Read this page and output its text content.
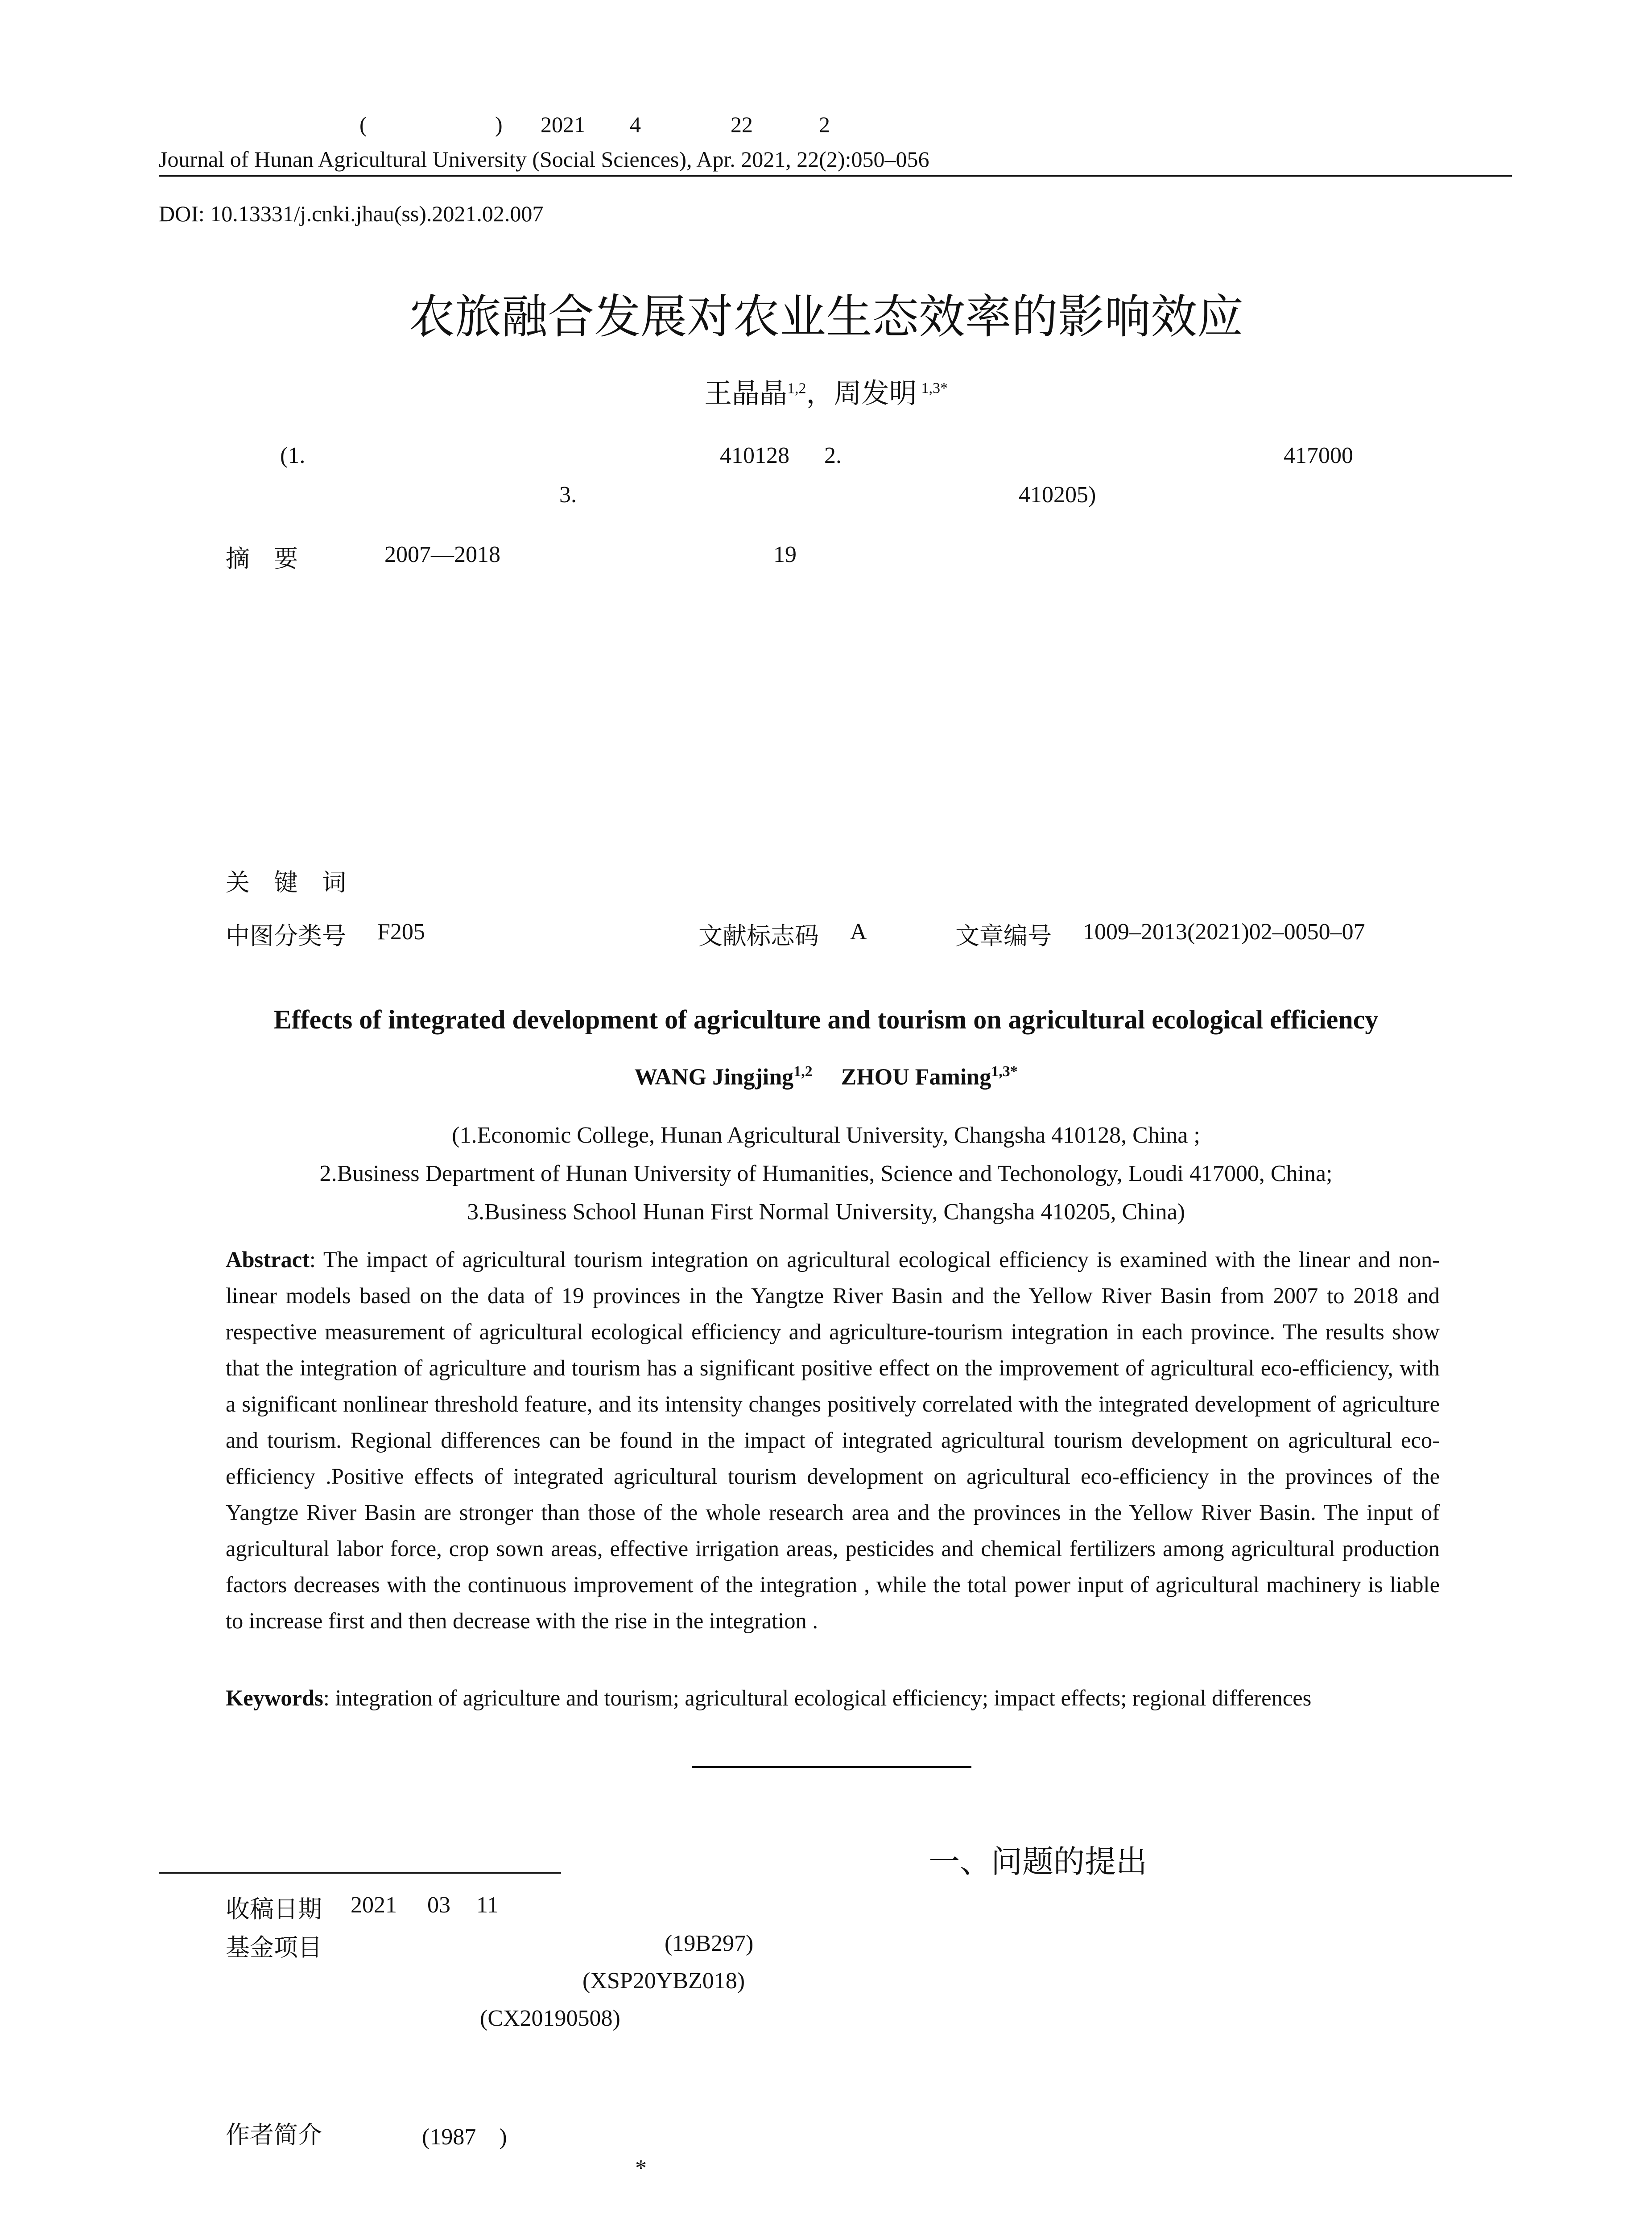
(	) 2021 4	22	2
Journal of Hunan Agricultural University (Social Sciences), Apr. 2021, 22(2):050–056
DOI: 10.13331/j.cnki.jhau(ss).2021.02.007
农旅融合发展对农业生态效率的影响效应
王晶晶$^{1,2}$，周发明 $^{1,3*}$
(1.	410128 2.	417000
3.	410205)
摘　要	2007—2018	19
关　键　词
中图分类号 F205	文献标志码 A	文章编号 1009–2013(2021)02–0050–07
Effects of integrated development of agriculture and tourism on agricultural ecological efficiency
WANG Jingjing$^{1,2}$ ZHOU Faming$^{1,3*}$
(1.Economic College, Hunan Agricultural University, Changsha 410128, China ;
2.Business Department of Hunan University of Humanities, Science and Techonology, Loudi 417000, China;
3.Business School Hunan First Normal University, Changsha 410205, China)
Abstract: The impact of agricultural tourism integration on agricultural ecological efficiency is examined with the linear and non-linear models based on the data of 19 provinces in the Yangtze River Basin and the Yellow River Basin from 2007 to 2018 and respective measurement of agricultural ecological efficiency and agriculture-tourism integration in each province. The results show that the integration of agriculture and tourism has a significant positive effect on the improvement of agricultural eco-efficiency, with a significant nonlinear threshold feature, and its intensity changes positively correlated with the integrated development of agriculture and tourism. Regional differences can be found in the impact of integrated agricultural tourism development on agricultural eco-efficiency .Positive effects of integrated agricultural tourism development on agricultural eco-efficiency in the provinces of the Yangtze River Basin are stronger than those of the whole research area and the provinces in the Yellow River Basin. The input of agricultural labor force, crop sown areas, effective irrigation areas, pesticides and chemical fertilizers among agricultural production factors decreases with the continuous improvement of the integration , while the total power input of agricultural machinery is liable to increase first and then decrease with the rise in the integration .
Keywords: integration of agriculture and tourism; agricultural ecological efficiency; impact effects; regional differences
一、问题的提出
收稿日期 2021 03 11
基金项目	(19B297)
(XSP20YBZ018)
(CX20190508)
作者简介	(1987　)
*
